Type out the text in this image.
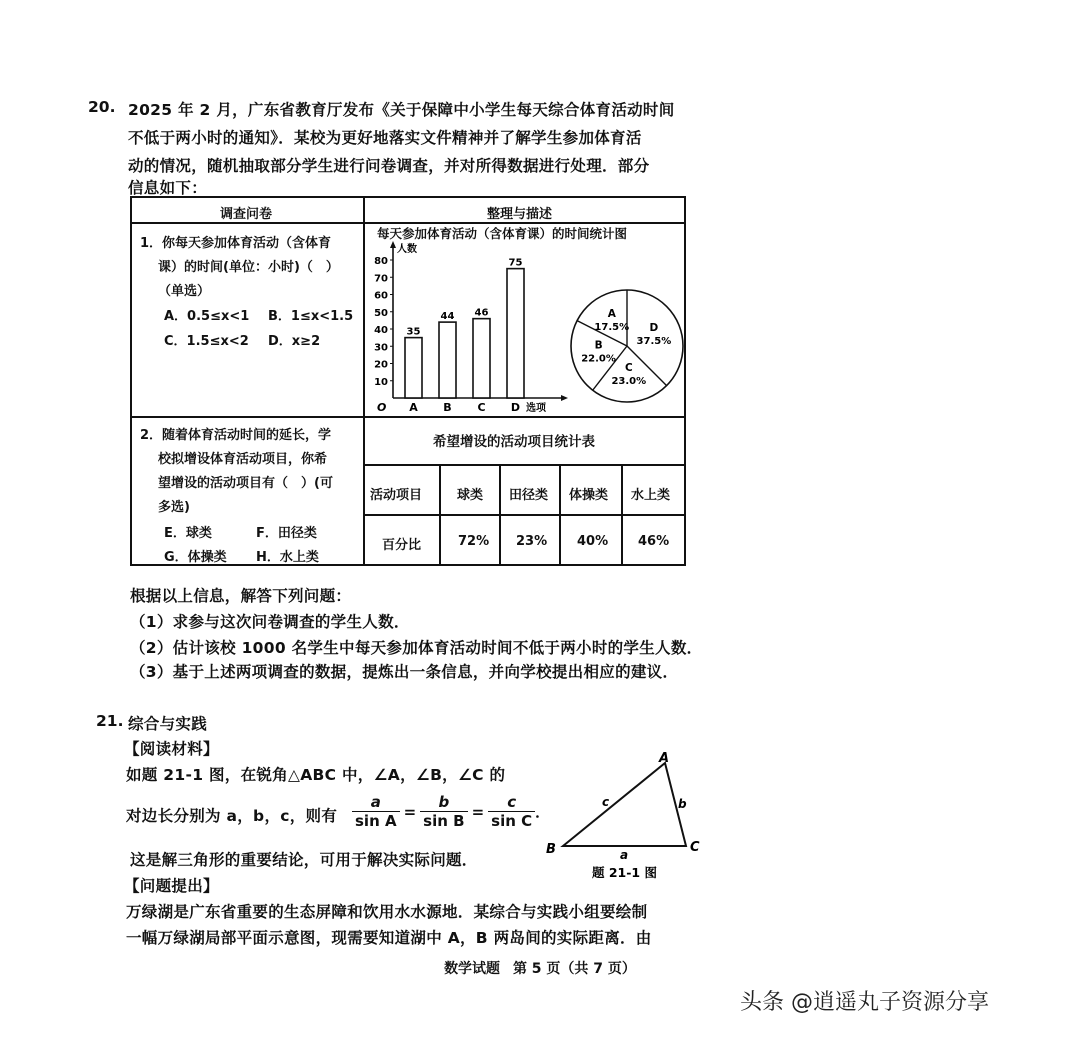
20. 2025 年 2 月，广东省教育厅发布《关于保障中小学生每天综合体育活动时间
不低于两小时的通知》．某校为更好地落实文件精神并了解学生参加体育活
动的情况，随机抽取部分学生进行问卷调查，并对所得数据进行处理．部分
信息如下：
调查问卷	整理与描述
1．你每天参加体育活动（含体育
课）的时间(单位：小时)（　）
（单选）
A．0.5≤x<1 B．1≤x<1.5
C．1.5≤x<2 D．x≥2
2．随着体育活动时间的延长，学
校拟增设体育活动项目，你希
望增设的活动项目有（　）(可
多选)
E．球类	F．田径类
G．体操类 H．水上类
每天参加体育活动（含体育课）的时间统计图
人数
O
10
20
30
40
50
60
70
80
35
A
44
B
46
C
75
D 选项
D
37.5%
C
23.0%
B
22.0%
A
17.5%
希望增设的活动项目统计表
活动项目	球类 田径类 体操类 水上类
百分比	72% 23% 40% 46%
根据以上信息，解答下列问题：
（1）求参与这次问卷调查的学生人数．
（2）估计该校 1000 名学生中每天参加体育活动时间不低于两小时的学生人数．
（3）基于上述两项调查的数据，提炼出一条信息，并向学校提出相应的建议．
21. 综合与实践
【阅读材料】
如题 21-1 图，在锐角△ABC 中，∠A，∠B，∠C 的
对边长分别为 a，b，c，则有 $\frac{a}{\text{sin A}} = \frac{b}{\text{sin B}} = \frac{c}{\text{sin C}}$ ．
这是解三角形的重要结论，可用于解决实际问题．
【问题提出】
万绿湖是广东省重要的生态屏障和饮用水水源地．某综合与实践小组要绘制
一幅万绿湖局部平面示意图，现需要知道湖中 A，B 两岛间的实际距离．由
A
B	C
a
b
c
题 21-1 图
数学试题 第 5 页（共 7 页）
头条 @逍遥丸子资源分享
